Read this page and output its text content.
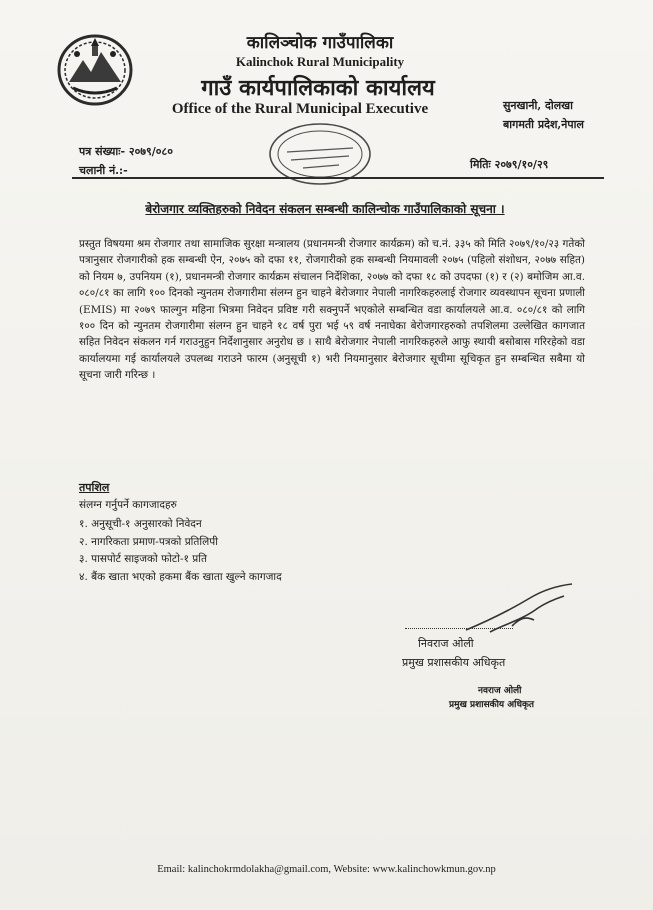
कालिञ्चोक गाउँपालिका
Kalinchok Rural Municipality
गाउँ कार्यपालिकाको कार्यालय
Office of the Rural Municipal Executive	सुनखानी, दोलखा
बागमती प्रदेश,नेपाल
पत्र संख्याः- २०७९/०८०
चलानी नं.:-	मितिः २०७९/१०/२९
बेरोजगार व्यक्तिहरुको निवेदन संकलन सम्बन्धी कालिन्चोक गाउँपालिकाको सूचना ।
प्रस्तुत विषयमा श्रम रोजगार तथा सामाजिक सुरक्षा मन्त्रालय (प्रधानमन्त्री रोजगार कार्यक्रम) को च.नं. ३३५ को मिति २०७९/१०/२३ गतेको पत्रानुसार रोजगारीको हक सम्बन्धी ऐन, २०७५ को दफा ११, रोजगारीको हक सम्बन्धी नियमावली २०७५ (पहिलो संशोधन, २०७७ सहित) को नियम ७, उपनियम (१), प्रधानमन्त्री रोजगार कार्यक्रम संचालन निर्देशिका, २०७७ को दफा १८ को उपदफा (१) र (२) बमोजिम आ.व. ०८०/८१ का लागि १०० दिनको न्युनतम रोजगारीमा संलग्न हुन चाहने बेरोजगार नेपाली नागरिकहरुलाई रोजगार व्यवस्थापन सूचना प्रणाली (EMIS) मा २०७९ फाल्गुन महिना भित्रमा निवेदन प्रविष्ट गरी सक्नुपर्ने भएकोले सम्बन्धित वडा कार्यालयले आ.व. ०८०/८१ को लागि १०० दिन को न्युनतम रोजगारीमा संलग्न हुन चाहने १८ वर्ष पुरा भई ५९ वर्ष ननाघेका बेरोजगारहरुको तपशिलमा उल्लेखित कागजात सहित निवेदन संकलन गर्न गराउनुहुन निर्देशानुसार अनुरोध छ । साथै बेरोजगार नेपाली नागरिकहरुले आफु स्थायी बसोबास गरिरहेको वडा कार्यालयमा गई कार्यालयले उपलब्ध गराउने फारम (अनुसूची १) भरी नियमानुसार बेरोजगार सूचीमा सूचिकृत हुन सम्बन्धित सबैमा यो सूचना जारी गरिन्छ ।
तपशिल
संलग्न गर्नुपर्ने कागजादहरु
१. अनुसूची-१ अनुसारको निवेदन
२. नागरिकता प्रमाण-पत्रको प्रतिलिपी
३. पासपोर्ट साइजको फोटो-१ प्रति
४. बैंक खाता भएको हकमा बैंक खाता खुल्ने कागजाद
निवराज ओली
प्रमुख प्रशासकीय अधिकृत
नवराज ओली
प्रमुख प्रशासकीय अधिकृत
Email: kalinchokrmdolakha@gmail.com, Website: www.kalinchowkmun.gov.np
